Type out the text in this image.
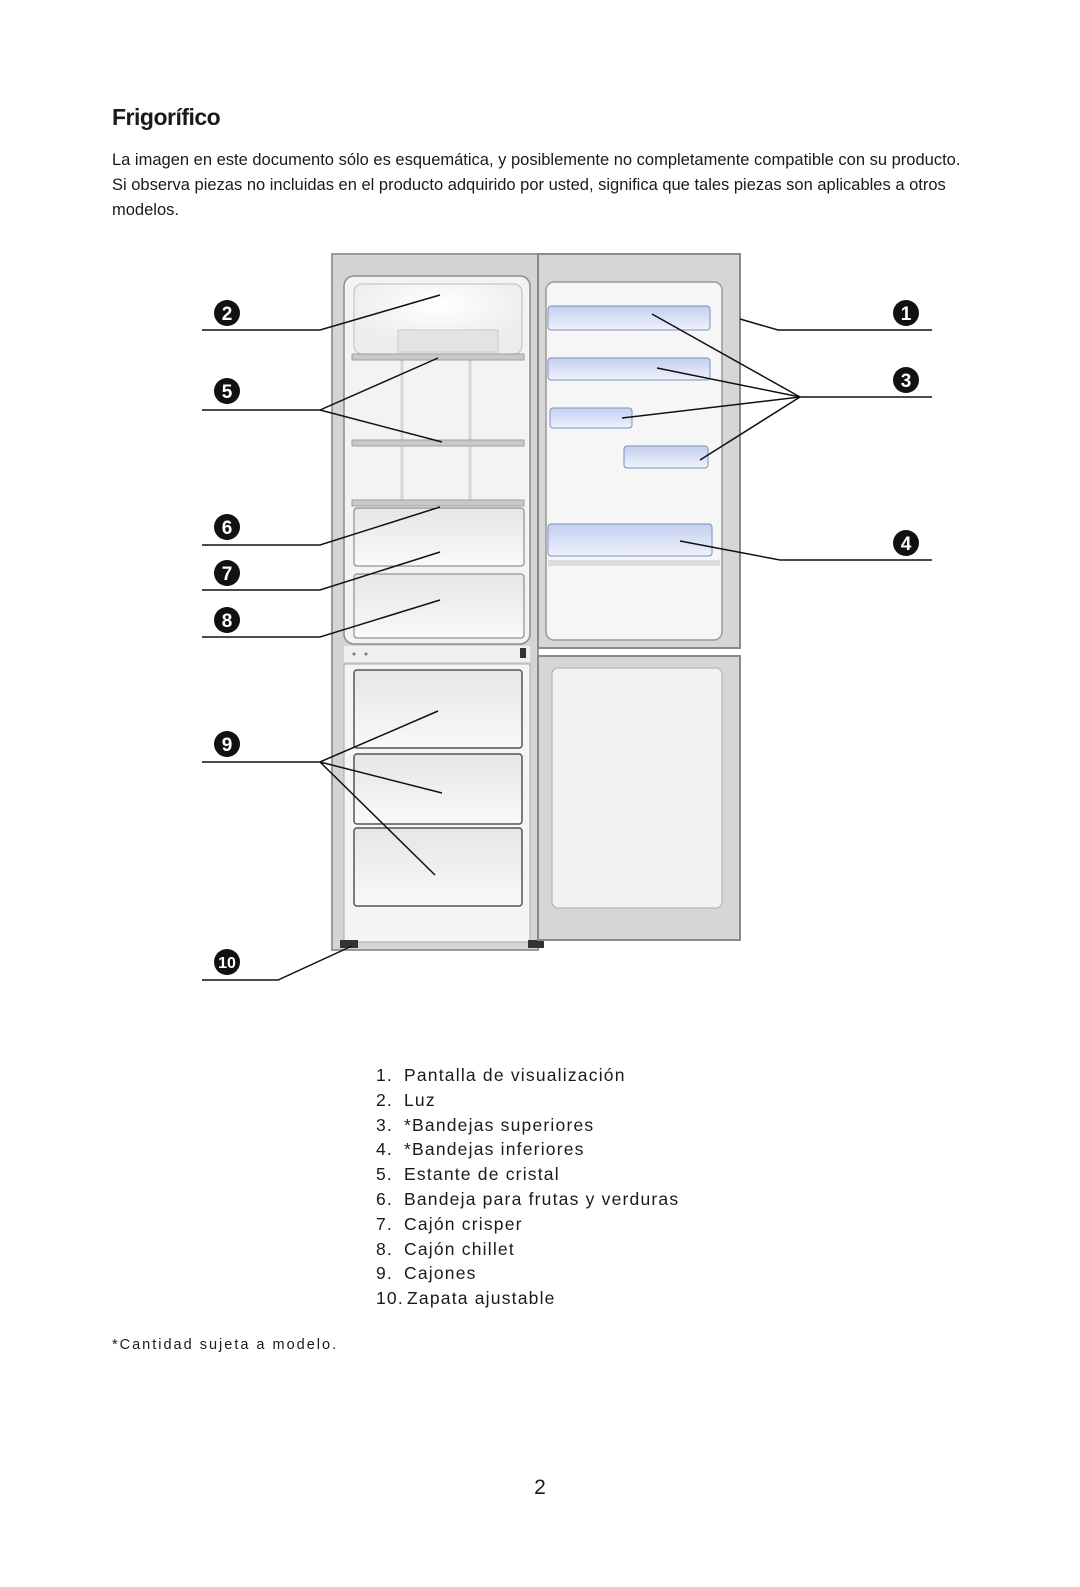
Frigorífico

La imagen en este documento sólo es esquemática, y posiblemente no completamente compatible con su producto. Si observa piezas no incluidas en el producto adquirido por usted, significa que tales piezas son aplicables a otros modelos.

1
2
3
4
5
6
7
8
9
10
1. Pantalla de visualización
2. Luz
3. *Bandejas superiores
4. *Bandejas inferiores
5. Estante de cristal
6. Bandeja para frutas y verduras
7. Cajón crisper
8. Cajón chillet
9. Cajones
10. Zapata ajustable

*Cantidad sujeta a modelo.

2
